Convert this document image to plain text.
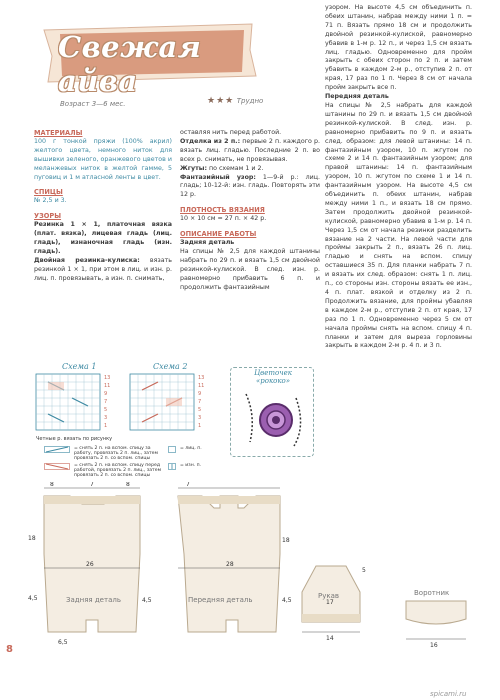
Свежая айва
Возраст 3—6 мес.	★★★ Трудно

МАТЕРИАЛЫ

100 г тонкой пряжи (100% акрил) желтого цвета, немного ниток для вышивки зеленого, оранжевого цветов и меланжевых ниток в желтой гамме, 5 пуговиц и 1 м атласной ленты в цвет.

СПИЦЫ

№ 2,5 и 3.

УЗОРЫ

Резинка 1 × 1, платочная вязка (плат. вязка), лицевая гладь (лиц. гладь), изнаночная гладь (изн. гладь).

Двойная резинка-кулиска: вязать резинкой 1 × 1, при этом в лиц. и изн. р. лиц. п. провязывать, а изн. п. снимать,

оставляя нить перед работой.

Отделка из 2 п.: первые 2 п. каждого р. вязать лиц. гладью. Последние 2 п. во всех р. снимать, не провязывая.

Жгуты: по схемам 1 и 2.

Фантазийный узор: 1—9-й р.: лиц. гладь; 10-12-й: изн. гладь. Повторять эти 12 р.

ПЛОТНОСТЬ ВЯЗАНИЯ

10 × 10 см = 27 п. × 42 р.

ОПИСАНИЕ РАБОТЫ

Задняя деталь

На спицы № 2,5 для каждой штанины набрать по 29 п. и вязать 1,5 см двойной резинкой-кулиской. В след. изн. р. равномерно прибавить 6 п. и продолжить фантазийным

узором. На высоте 4,5 см объединить п. обеих штанин, набрав между ними 1 п. = 71 п. Вязать прямо 18 см и продолжить двойной резинкой-кулиской, равномерно убавив в 1-м р. 12 п., и через 1,5 см вязать лиц. гладью. Одновременно для пройм закрыть с обеих сторон по 2 п. и затем убавить в каждом 2-м р., отступив 2 п. от края, 17 раз по 1 п. Через 8 см от начала пройм закрыть все п.

Передняя деталь

На спицы № 2,5 набрать для каждой штанины по 29 п. и вязать 1,5 см двойной резинкой-кулиской. В след. изн. р. равномерно прибавить по 9 п. и вязать след. образом: для левой штанины: 14 п. фантазийным узором, 10 п. жгутом по схеме 2 и 14 п. фантазийным узором; для правой штанины: 14 п. фантазийным узором, 10 п. жгутом по схеме 1 и 14 п. фантазийным узором. На высоте 4,5 см объединить п. обеих штанин, набрав между ними 1 п., и вязать 18 см прямо. Затем продолжить двойной резинкой-кулиской, равномерно убавив в 1-м р. 14 п. Через 1,5 см от начала резинки разделить вязание на 2 части. На левой части для проймы закрыть 2 п., вязать 26 п. лиц. гладью и снять на вспом. спицу оставшиеся 35 п. Для планки набрать 7 п. и вязать их след. образом: снять 1 п. лиц. п., со стороны изн. стороны вязать ее изн., 4 п. плат. вязкой и отделку из 2 п. Продолжить вязание, для проймы убавляя в каждом 2-м р., отступив 2 п. от края, 17 раз по 1 п. Одновременно через 5 см от начала проймы снять на вспом. спицу 4 п. планки и затем для выреза горловины закрыть в каждом 2-м р. 4 п. и 3 п.

Схема 1
13
11
9
7
5
3
1
Схема 2
13
11
9
7
5
3
1
Четные р. вязать по рисунку
Цветочек «рококо»
= снять 2 п. на вспом. спицу за работу, провязать 2 п. лиц., затем провязать 2 п. со вспом. спицы
= лиц. п.
= снять 2 п. на вспом. спицу перед работой, провязать 2 п. лиц., затем провязать 2 п. со вспом. спицы
= изн. п.
8	7	8
26
18
4,5	4,5
Задняя деталь
6,5
7
28
18
4,5
Передняя деталь
5
17
14
Рукав
16
Воротник
8
spicami.ru
